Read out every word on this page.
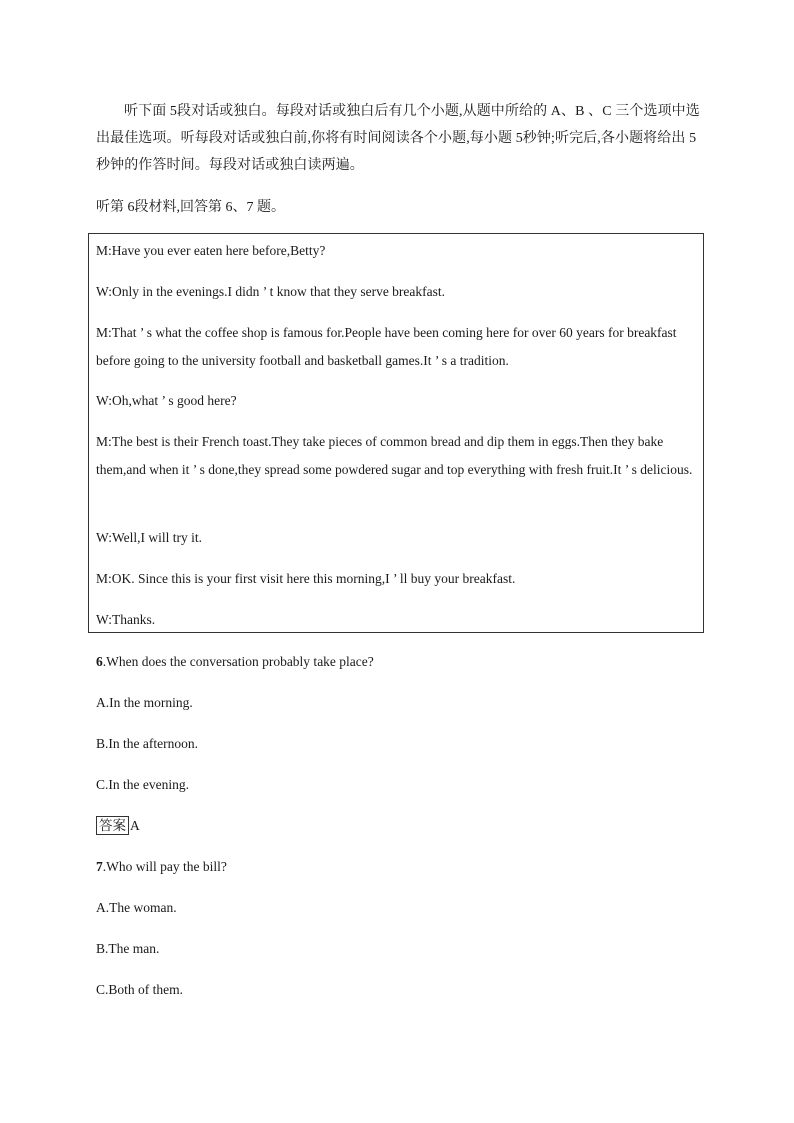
听下面 5段对话或独白。每段对话或独白后有几个小题,从题中所给的 A、B 、C 三个选项中选出最佳选项。听每段对话或独白前,你将有时间阅读各个小题,每小题 5秒钟;听完后,各小题将给出 5秒钟的作答时间。每段对话或独白读两遍。
听第 6段材料,回答第 6、7 题。
M:Have you ever eaten here before,Betty?
W:Only in the evenings.I didn ’ t know that they serve breakfast.
M:That ’ s what the coffee shop is famous for.People have been coming here for over 60 years for breakfast before going to the university football and basketball games.It ’ s a tradition.
W:Oh,what ’ s good here?
M:The best is their French toast.They take pieces of common bread and dip them in eggs.Then they bake them,and when it ’ s done,they spread some powdered sugar and top everything with fresh fruit.It ’ s delicious.
W:Well,I will try it.
M:OK. Since this is your first visit here this morning,I ’ ll buy your breakfast.
W:Thanks.
6.When does the conversation probably take place?
A.In the morning.
B.In the afternoon.
C.In the evening.
答案 A
7.Who will pay the bill?
A.The woman.
B.The man.
C.Both of them.
